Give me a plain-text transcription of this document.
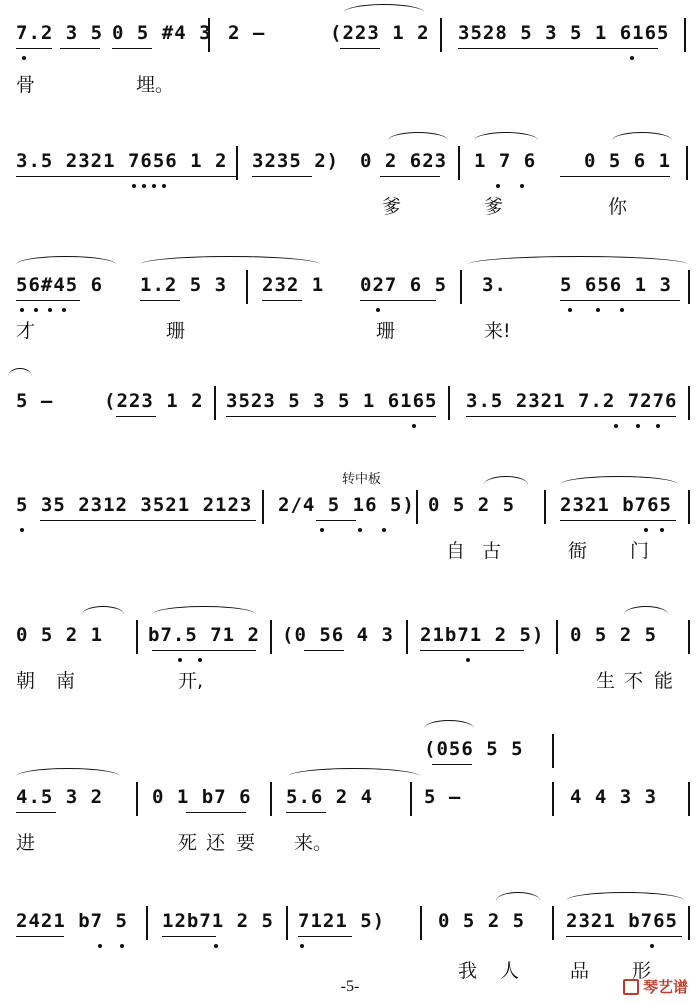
7.2 3 5 0 5 #4 3 2 –	(223 1 2 3528 5 3 5 1 6165
骨	埋。
3.5 2321 7656 1 2 3235 2) 0 2 623 1 7 6	0 5 6 1
爹	爹	你
56#45 6 1.2 5 3 232 1 027 6 5 3.	5 656 1 3
才	珊	珊	来!
5 –	(223 1 2 3523 5 3 5 1 6165 3.5 2321 7.2 7276
转中板
5 35 2312 3521 2123 2/4 5 16 5) 0 5 2 5 2321 b765
自 古	衙 门
0 5 2 1 b7.5 71 2 (0 56 4 3 21b71 2 5) 0 5 2 5
朝 南	开,	生 不 能
(056 5 5
4.5 3 2	0 1 b7 6 5.6 2 4	5 –	4 4 3 3
进	死 还 要 来。
2421 b7 5 12b71 2 5 7121 5)	0 5 2 5 2321 b765
我 人	品 形
-5-	琴艺谱
